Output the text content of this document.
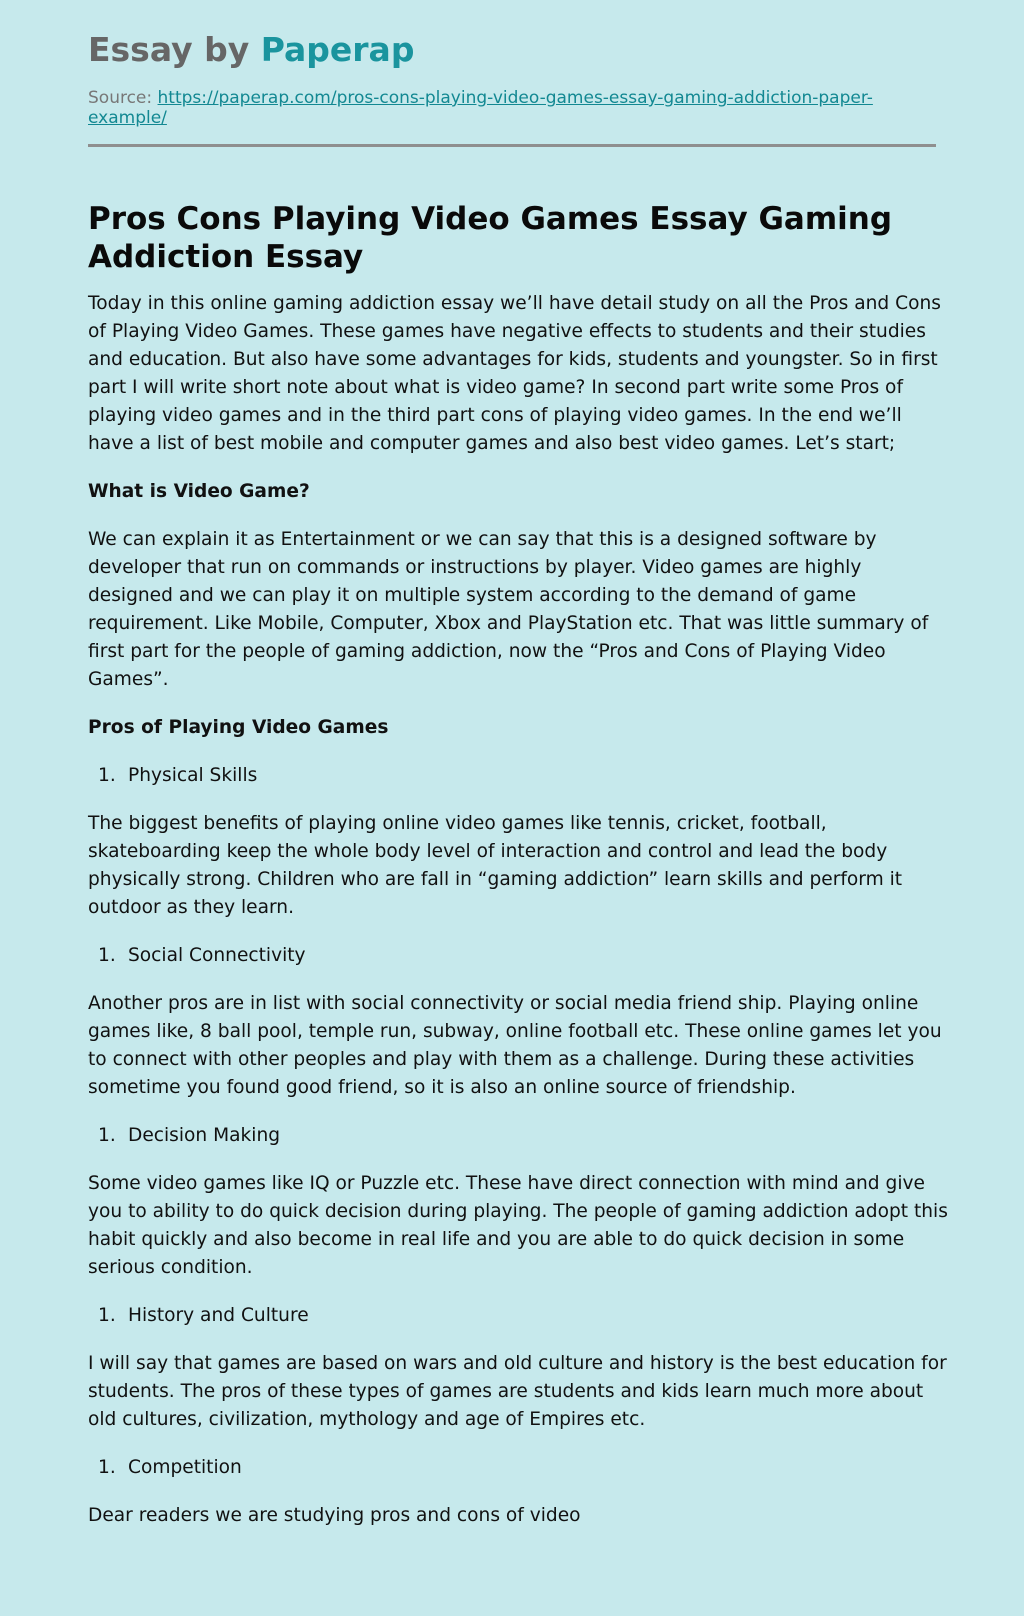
Essay by Paperap
Source: https://paperap.com/pros-cons-playing-video-games-essay-gaming-addiction-paper-example/
Pros Cons Playing Video Games Essay Gaming Addiction Essay

Today in this online gaming addiction essay we’ll have detail study on all the Pros and Cons of Playing Video Games. These games have negative effects to students and their studies and education. But also have some advantages for kids, students and youngster. So in first part I will write short note about what is video game? In second part write some Pros of playing video games and in the third part cons of playing video games. In the end we’ll have a list of best mobile and computer games and also best video games. Let’s start;

What is Video Game?

We can explain it as Entertainment or we can say that this is a designed software by developer that run on commands or instructions by player. Video games are highly designed and we can play it on multiple system according to the demand of game requirement. Like Mobile, Computer, Xbox and PlayStation etc. That was little summary of first part for the people of gaming addiction, now the “Pros and Cons of Playing Video Games”.

Pros of Playing Video Games
1. Physical Skills

The biggest benefits of playing online video games like tennis, cricket, football, skateboarding keep the whole body level of interaction and control and lead the body physically strong. Children who are fall in “gaming addiction” learn skills and perform it outdoor as they learn.

1. Social Connectivity

Another pros are in list with social connectivity or social media friend ship. Playing online games like, 8 ball pool, temple run, subway, online football etc. These online games let you to connect with other peoples and play with them as a challenge. During these activities sometime you found good friend, so it is also an online source of friendship.

1. Decision Making

Some video games like IQ or Puzzle etc. These have direct connection with mind and give you to ability to do quick decision during playing. The people of gaming addiction adopt this habit quickly and also become in real life and you are able to do quick decision in some serious condition.

1. History and Culture

I will say that games are based on wars and old culture and history is the best education for students. The pros of these types of games are students and kids learn much more about old cultures, civilization, mythology and age of Empires etc.

1. Competition

Dear readers we are studying pros and cons of video
